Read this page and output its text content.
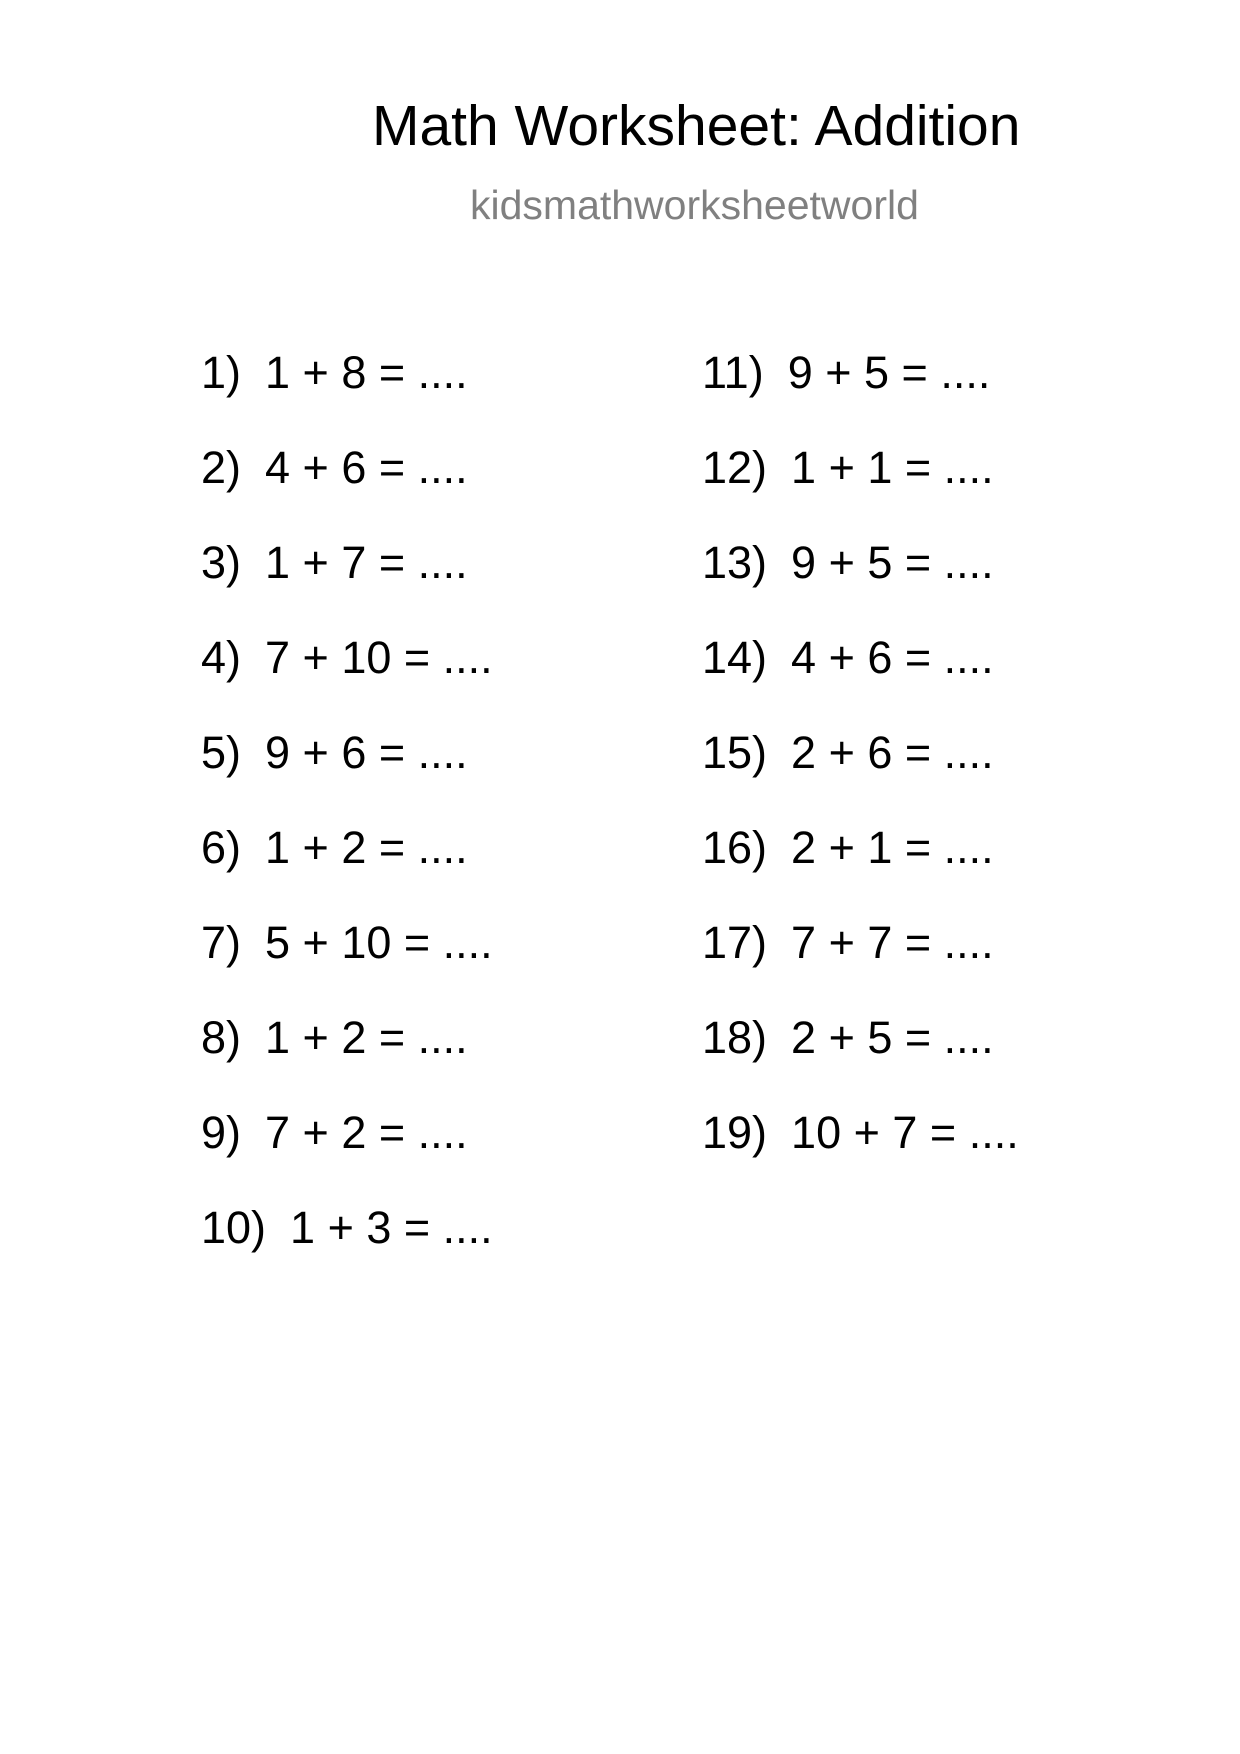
Math Worksheet: Addition
kidsmathworksheetworld
1) 1 + 8 = ....
2) 4 + 6 = ....
3) 1 + 7 = ....
4) 7 + 10 = ....
5) 9 + 6 = ....
6) 1 + 2 = ....
7) 5 + 10 = ....
8) 1 + 2 = ....
9) 7 + 2 = ....
10) 1 + 3 = ....
11) 9 + 5 = ....
12) 1 + 1 = ....
13) 9 + 5 = ....
14) 4 + 6 = ....
15) 2 + 6 = ....
16) 2 + 1 = ....
17) 7 + 7 = ....
18) 2 + 5 = ....
19) 10 + 7 = ....
